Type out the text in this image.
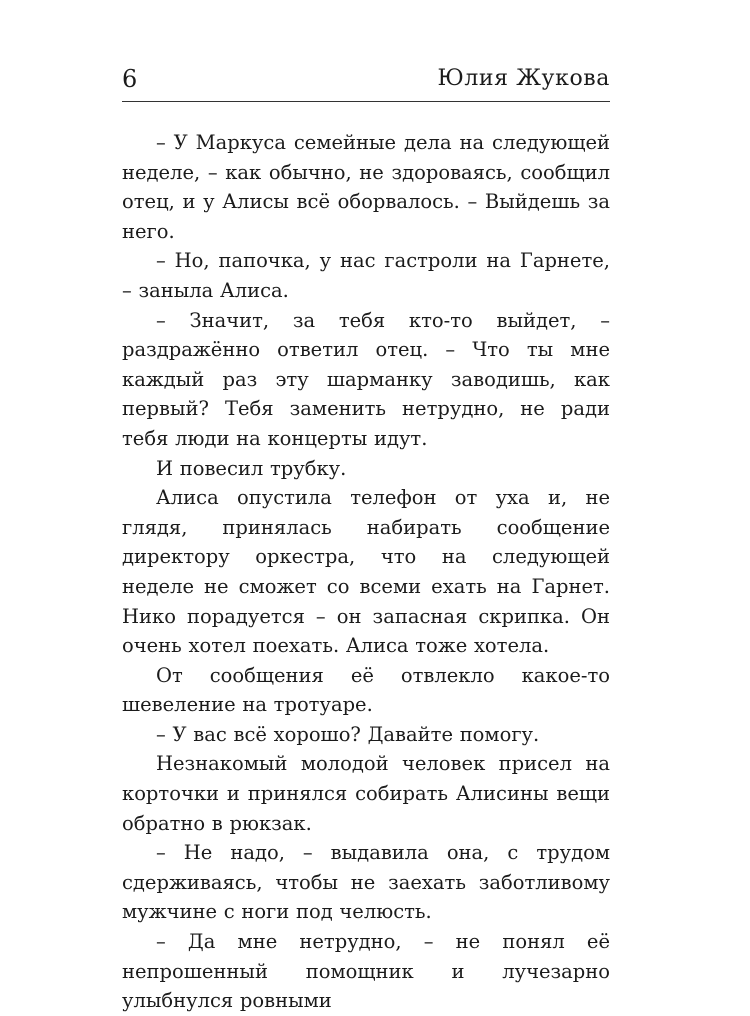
6	Юлия Жукова

– У Маркуса семейные дела на следующей неделе, – как обычно, не здороваясь, сообщил отец, и у Алисы всё оборвалось. – Выйдешь за него.

– Но, папочка, у нас гастроли на Гарнете, – заныла Алиса.

– Значит, за тебя кто-то выйдет, – раздражённо ответил отец. – Что ты мне каждый раз эту шарманку заводишь, как первый? Тебя заменить нетрудно, не ради тебя люди на концерты идут.

И повесил трубку.

Алиса опустила телефон от уха и, не глядя, принялась набирать сообщение директору оркестра, что на следующей неделе не сможет со всеми ехать на Гарнет. Нико порадуется – он запасная скрипка. Он очень хотел поехать. Алиса тоже хотела.

От сообщения её отвлекло какое-то шевеление на тротуаре.

– У вас всё хорошо? Давайте помогу.

Незнакомый молодой человек присел на корточки и принялся собирать Алисины вещи обратно в рюкзак.

– Не надо, – выдавила она, с трудом сдерживаясь, чтобы не заехать заботливому мужчине с ноги под челюсть.

– Да мне нетрудно, – не понял её непрошенный помощник и лучезарно улыбнулся ровными
